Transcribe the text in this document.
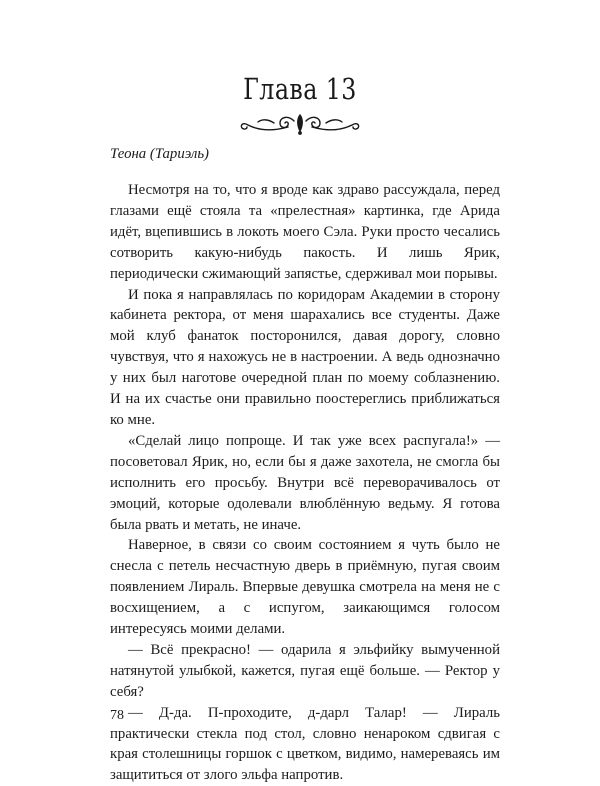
Глава 13
Теона (Тариэль)

Несмотря на то, что я вроде как здраво рассуждала, перед глазами ещё стояла та «прелестная» картинка, где Арида идёт, вцепившись в локоть моего Сэла. Руки просто чесались сотворить какую-нибудь пакость. И лишь Ярик, периодически сжимающий запястье, сдерживал мои порывы.

И пока я направлялась по коридорам Академии в сторону кабинета ректора, от меня шарахались все студенты. Даже мой клуб фанаток посторонился, давая дорогу, словно чувствуя, что я нахожусь не в настроении. А ведь однозначно у них был наготове очередной план по моему соблазнению. И на их счастье они правильно поостереглись приближаться ко мне.

«Сделай лицо попроще. И так уже всех распугала!» — посоветовал Ярик, но, если бы я даже захотела, не смогла бы исполнить его просьбу. Внутри всё переворачивалось от эмоций, которые одолевали влюблённую ведьму. Я готова была рвать и метать, не иначе.

Наверное, в связи со своим состоянием я чуть было не снесла с петель несчастную дверь в приёмную, пугая своим появлением Лираль. Впервые девушка смотрела на меня не с восхищением, а с испугом, заикающимся голосом интересуясь моими делами.

— Всё прекрасно! — одарила я эльфийку вымученной натянутой улыбкой, кажется, пугая ещё больше. — Ректор у себя?

— Д-да. П-проходите, д-дарл Талар! — Лираль практически стекла под стол, словно ненароком сдвигая с края столешницы горшок с цветком, видимо, намереваясь им защититься от злого эльфа напротив.

78
